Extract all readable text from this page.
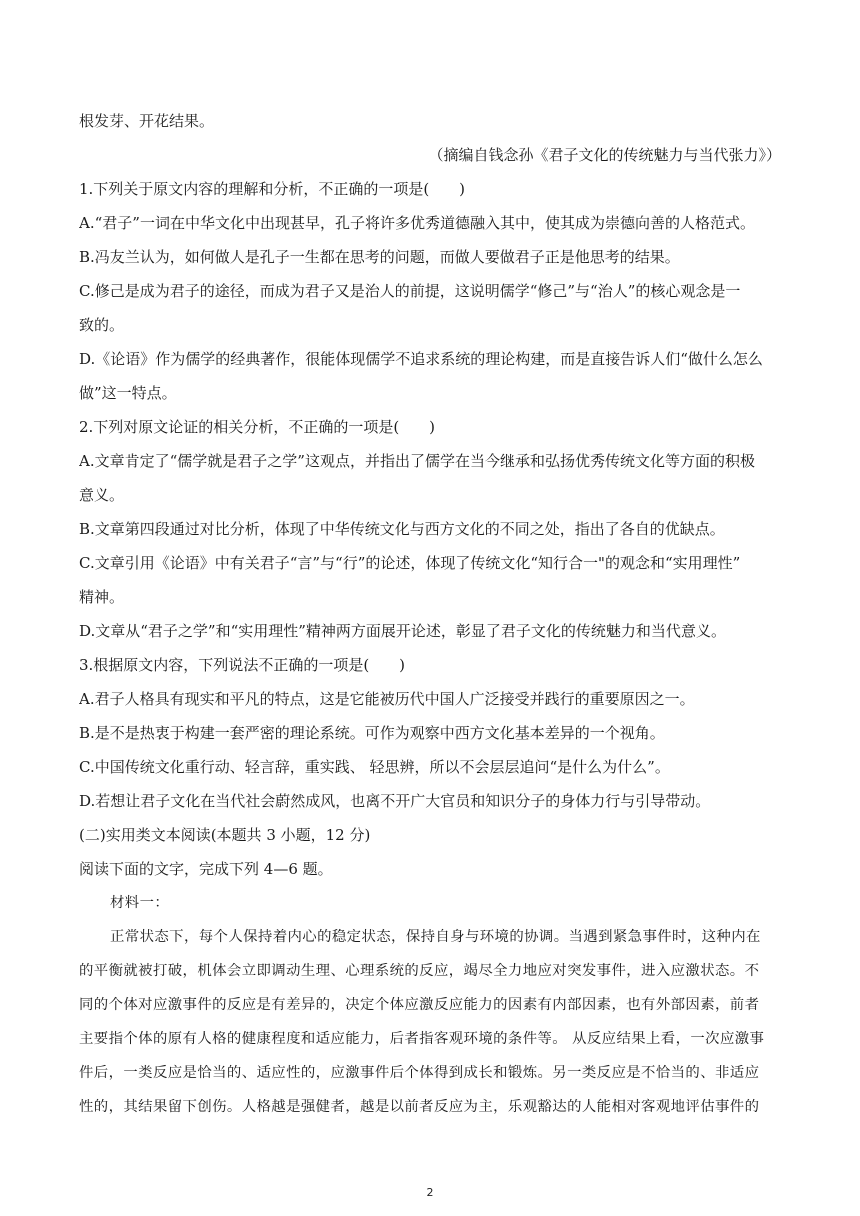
根发芽、开花结果。
（摘编自钱念孙《君子文化的传统魅力与当代张力》）
1.下列关于原文内容的理解和分析，不正确的一项是(　　)
A.“君子”一词在中华文化中出现甚早，孔子将许多优秀道德融入其中，使其成为崇德向善的人格范式。
B.冯友兰认为，如何做人是孔子一生都在思考的问题，而做人要做君子正是他思考的结果。
C.修己是成为君子的途径，而成为君子又是治人的前提，这说明儒学“修己”与“治人”的核心观念是一
致的。
D.《论语》作为儒学的经典著作，很能体现儒学不追求系统的理论构建，而是直接告诉人们“做什么怎么
做”这一特点。
2.下列对原文论证的相关分析，不正确的一项是(　　)
A.文章肯定了“儒学就是君子之学”这观点，并指出了儒学在当今继承和弘扬优秀传统文化等方面的积极
意义。
B.文章第四段通过对比分析，体现了中华传统文化与西方文化的不同之处，指出了各自的优缺点。
C.文章引用《论语》中有关君子“言”与“行”的论述，体现了传统文化“知行合一"的观念和“实用理性”
精神。
D.文章从“君子之学”和“实用理性”精神两方面展开论述，彰显了君子文化的传统魅力和当代意义。
3.根据原文内容，下列说法不正确的一项是(　　)
A.君子人格具有现实和平凡的特点，这是它能被历代中国人广泛接受并践行的重要原因之一。
B.是不是热衷于构建一套严密的理论系统。可作为观察中西方文化基本差异的一个视角。
C.中国传统文化重行动、轻言辞，重实践、 轻思辨，所以不会层层追问“是什么为什么”。
D.若想让君子文化在当代社会蔚然成风，也离不开广大官员和知识分子的身体力行与引导带动。
(二)实用类文本阅读(本题共 3 小题，12 分)
阅读下面的文字，完成下列 4—6 题。
材料一：
正常状态下，每个人保持着内心的稳定状态，保持自身与环境的协调。当遇到紧急事件时，这种内在
的平衡就被打破，机体会立即调动生理、心理系统的反应，竭尽全力地应对突发事件，进入应激状态。不
同的个体对应激事件的反应是有差异的，决定个体应激反应能力的因素有内部因素，也有外部因素，前者
主要指个体的原有人格的健康程度和适应能力，后者指客观环境的条件等。 从反应结果上看，一次应激事
件后，一类反应是恰当的、适应性的，应激事件后个体得到成长和锻炼。另一类反应是不恰当的、非适应
性的，其结果留下创伤。人格越是强健者，越是以前者反应为主，乐观豁达的人能相对客观地评估事件的
2
